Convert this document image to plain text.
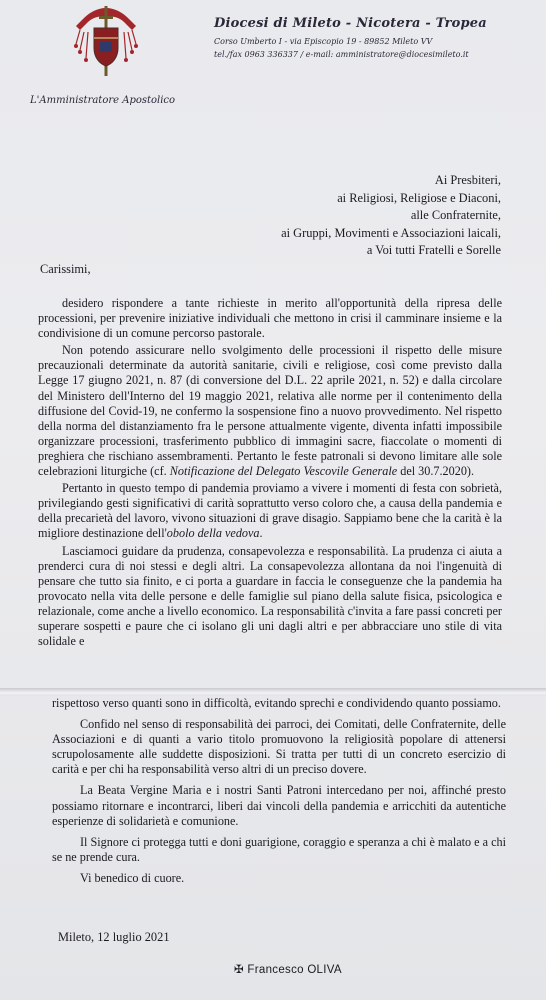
Diocesi di Mileto - Nicotera - Tropea
Corso Umberto I - via Episcopio 19 - 89852 Mileto VV
tel./fax 0963 336337 / e-mail: amministratore@diocesimileto.it
L'Amministratore Apostolico
Ai Presbiteri,
ai Religiosi, Religiose e Diaconi,
alle Confraternite,
ai Gruppi, Movimenti e Associazioni laicali,
a Voi tutti Fratelli e Sorelle
Carissimi,

desidero rispondere a tante richieste in merito all'opportunità della ripresa delle processioni, per prevenire iniziative individuali che mettono in crisi il camminare insieme e la condivisione di un comune percorso pastorale.

Non potendo assicurare nello svolgimento delle processioni il rispetto delle misure precauzionali determinate da autorità sanitarie, civili e religiose, così come previsto dalla Legge 17 giugno 2021, n. 87 (di conversione del D.L. 22 aprile 2021, n. 52) e dalla circolare del Ministero dell'Interno del 19 maggio 2021, relativa alle norme per il contenimento della diffusione del Covid-19, ne confermo la sospensione fino a nuovo provvedimento. Nel rispetto della norma del distanziamento fra le persone attualmente vigente, diventa infatti impossibile organizzare processioni, trasferimento pubblico di immagini sacre, fiaccolate o momenti di preghiera che rischiano assembramenti. Pertanto le feste patronali si devono limitare alle sole celebrazioni liturgiche (cf. Notificazione del Delegato Vescovile Generale del 30.7.2020).

Pertanto in questo tempo di pandemia proviamo a vivere i momenti di festa con sobrietà, privilegiando gesti significativi di carità soprattutto verso coloro che, a causa della pandemia e della precarietà del lavoro, vivono situazioni di grave disagio. Sappiamo bene che la carità è la migliore destinazione dell'obolo della vedova.

Lasciamoci guidare da prudenza, consapevolezza e responsabilità. La prudenza ci aiuta a prenderci cura di noi stessi e degli altri. La consapevolezza allontana da noi l'ingenuità di pensare che tutto sia finito, e ci porta a guardare in faccia le conseguenze che la pandemia ha provocato nella vita delle persone e delle famiglie sul piano della salute fisica, psicologica e relazionale, come anche a livello economico. La responsabilità c'invita a fare passi concreti per superare sospetti e paure che ci isolano gli uni dagli altri e per abbracciare uno stile di vita solidale e

rispettoso verso quanti sono in difficoltà, evitando sprechi e condividendo quanto possiamo.

Confido nel senso di responsabilità dei parroci, dei Comitati, delle Confraternite, delle Associazioni e di quanti a vario titolo promuovono la religiosità popolare di attenersi scrupolosamente alle suddette disposizioni. Si tratta per tutti di un concreto esercizio di carità e per chi ha responsabilità verso altri di un preciso dovere.

La Beata Vergine Maria e i nostri Santi Patroni intercedano per noi, affinché presto possiamo ritornare e incontrarci, liberi dai vincoli della pandemia e arricchiti da autentiche esperienze di solidarietà e comunione.

Il Signore ci protegga tutti e doni guarigione, coraggio e speranza a chi è malato e a chi se ne prende cura.

Vi benedico di cuore.

Mileto, 12 luglio 2021
✠ Francesco OLIVA
